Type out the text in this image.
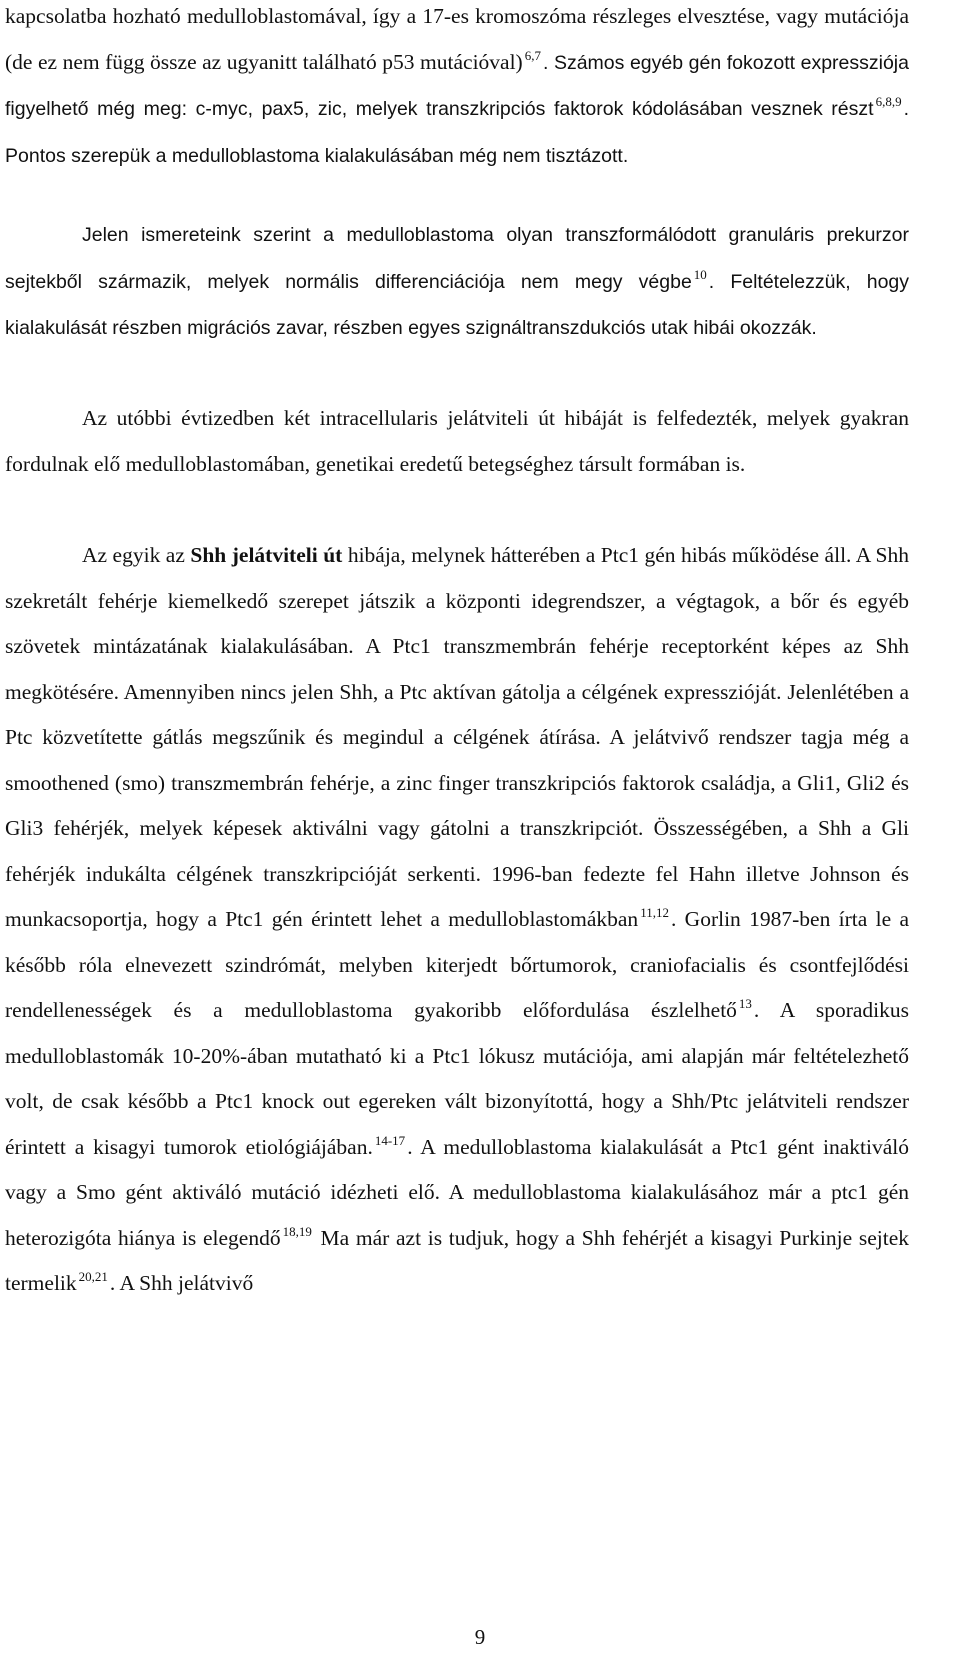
kapcsolatba hozható medulloblastomával, így a 17-es kromoszóma részleges elvesztése, vagy mutációja (de ez nem függ össze az ugyanitt található p53 mutációval) $^{6,7}$ . Számos egyéb gén fokozott expressziója figyelhető még meg: c-myc, pax5, zic, melyek transzkripciós faktorok kódolásában vesznek részt $^{6,8,9}$ . Pontos szerepük a medulloblastoma kialakulásában még nem tisztázott.

Jelen ismereteink szerint a medulloblastoma olyan transzformálódott granuláris prekurzor sejtekből származik, melyek normális differenciációja nem megy végbe $^{10}$ . Feltételezzük, hogy kialakulását részben migrációs zavar, részben egyes szignáltranszdukciós utak hibái okozzák.

Az utóbbi évtizedben két intracellularis jelátviteli út hibáját is felfedezték, melyek gyakran fordulnak elő medulloblastomában, genetikai eredetű betegséghez társult formában is.

Az egyik az Shh jelátviteli út hibája, melynek hátterében a Ptc1 gén hibás működése áll. A Shh szekretált fehérje kiemelkedő szerepet játszik a központi idegrendszer, a végtagok, a bőr és egyéb szövetek mintázatának kialakulásában. A Ptc1 transzmembrán fehérje receptorként képes az Shh megkötésére. Amennyiben nincs jelen Shh, a Ptc aktívan gátolja a célgének expresszióját. Jelenlétében a Ptc közvetítette gátlás megszűnik és megindul a célgének átírása. A jelátvivő rendszer tagja még a smoothened (smo) transzmembrán fehérje, a zinc finger transzkripciós faktorok családja, a Gli1, Gli2 és Gli3 fehérjék, melyek képesek aktiválni vagy gátolni a transzkripciót. Összességében, a Shh a Gli fehérjék indukálta célgének transzkripcióját serkenti. 1996-ban fedezte fel Hahn illetve Johnson és munkacsoportja, hogy a Ptc1 gén érintett lehet a medulloblastomákban $^{11,12}$. Gorlin 1987-ben írta le a később róla elnevezett szindrómát, melyben kiterjedt bőrtumorok, craniofacialis és csontfejlődési rendellenességek és a medulloblastoma gyakoribb előfordulása észlelhető $^{13}$. A sporadikus medulloblastomák 10-20%-ában mutatható ki a Ptc1 lókusz mutációja, ami alapján már feltételezhető volt, de csak később a Ptc1 knock out egereken vált bizonyítottá, hogy a Shh/Ptc jelátviteli rendszer érintett a kisagyi tumorok etiológiájában. $^{14-17}$. A medulloblastoma kialakulását a Ptc1 gént inaktiváló vagy a Smo gént aktiváló mutáció idézheti elő. A medulloblastoma kialakulásához már a ptc1 gén heterozigóta hiánya is elegendő $^{18,19}$ Ma már azt is tudjuk, hogy a Shh fehérjét a kisagyi Purkinje sejtek termelik $^{20,21}$. A Shh jelátvivő

9
